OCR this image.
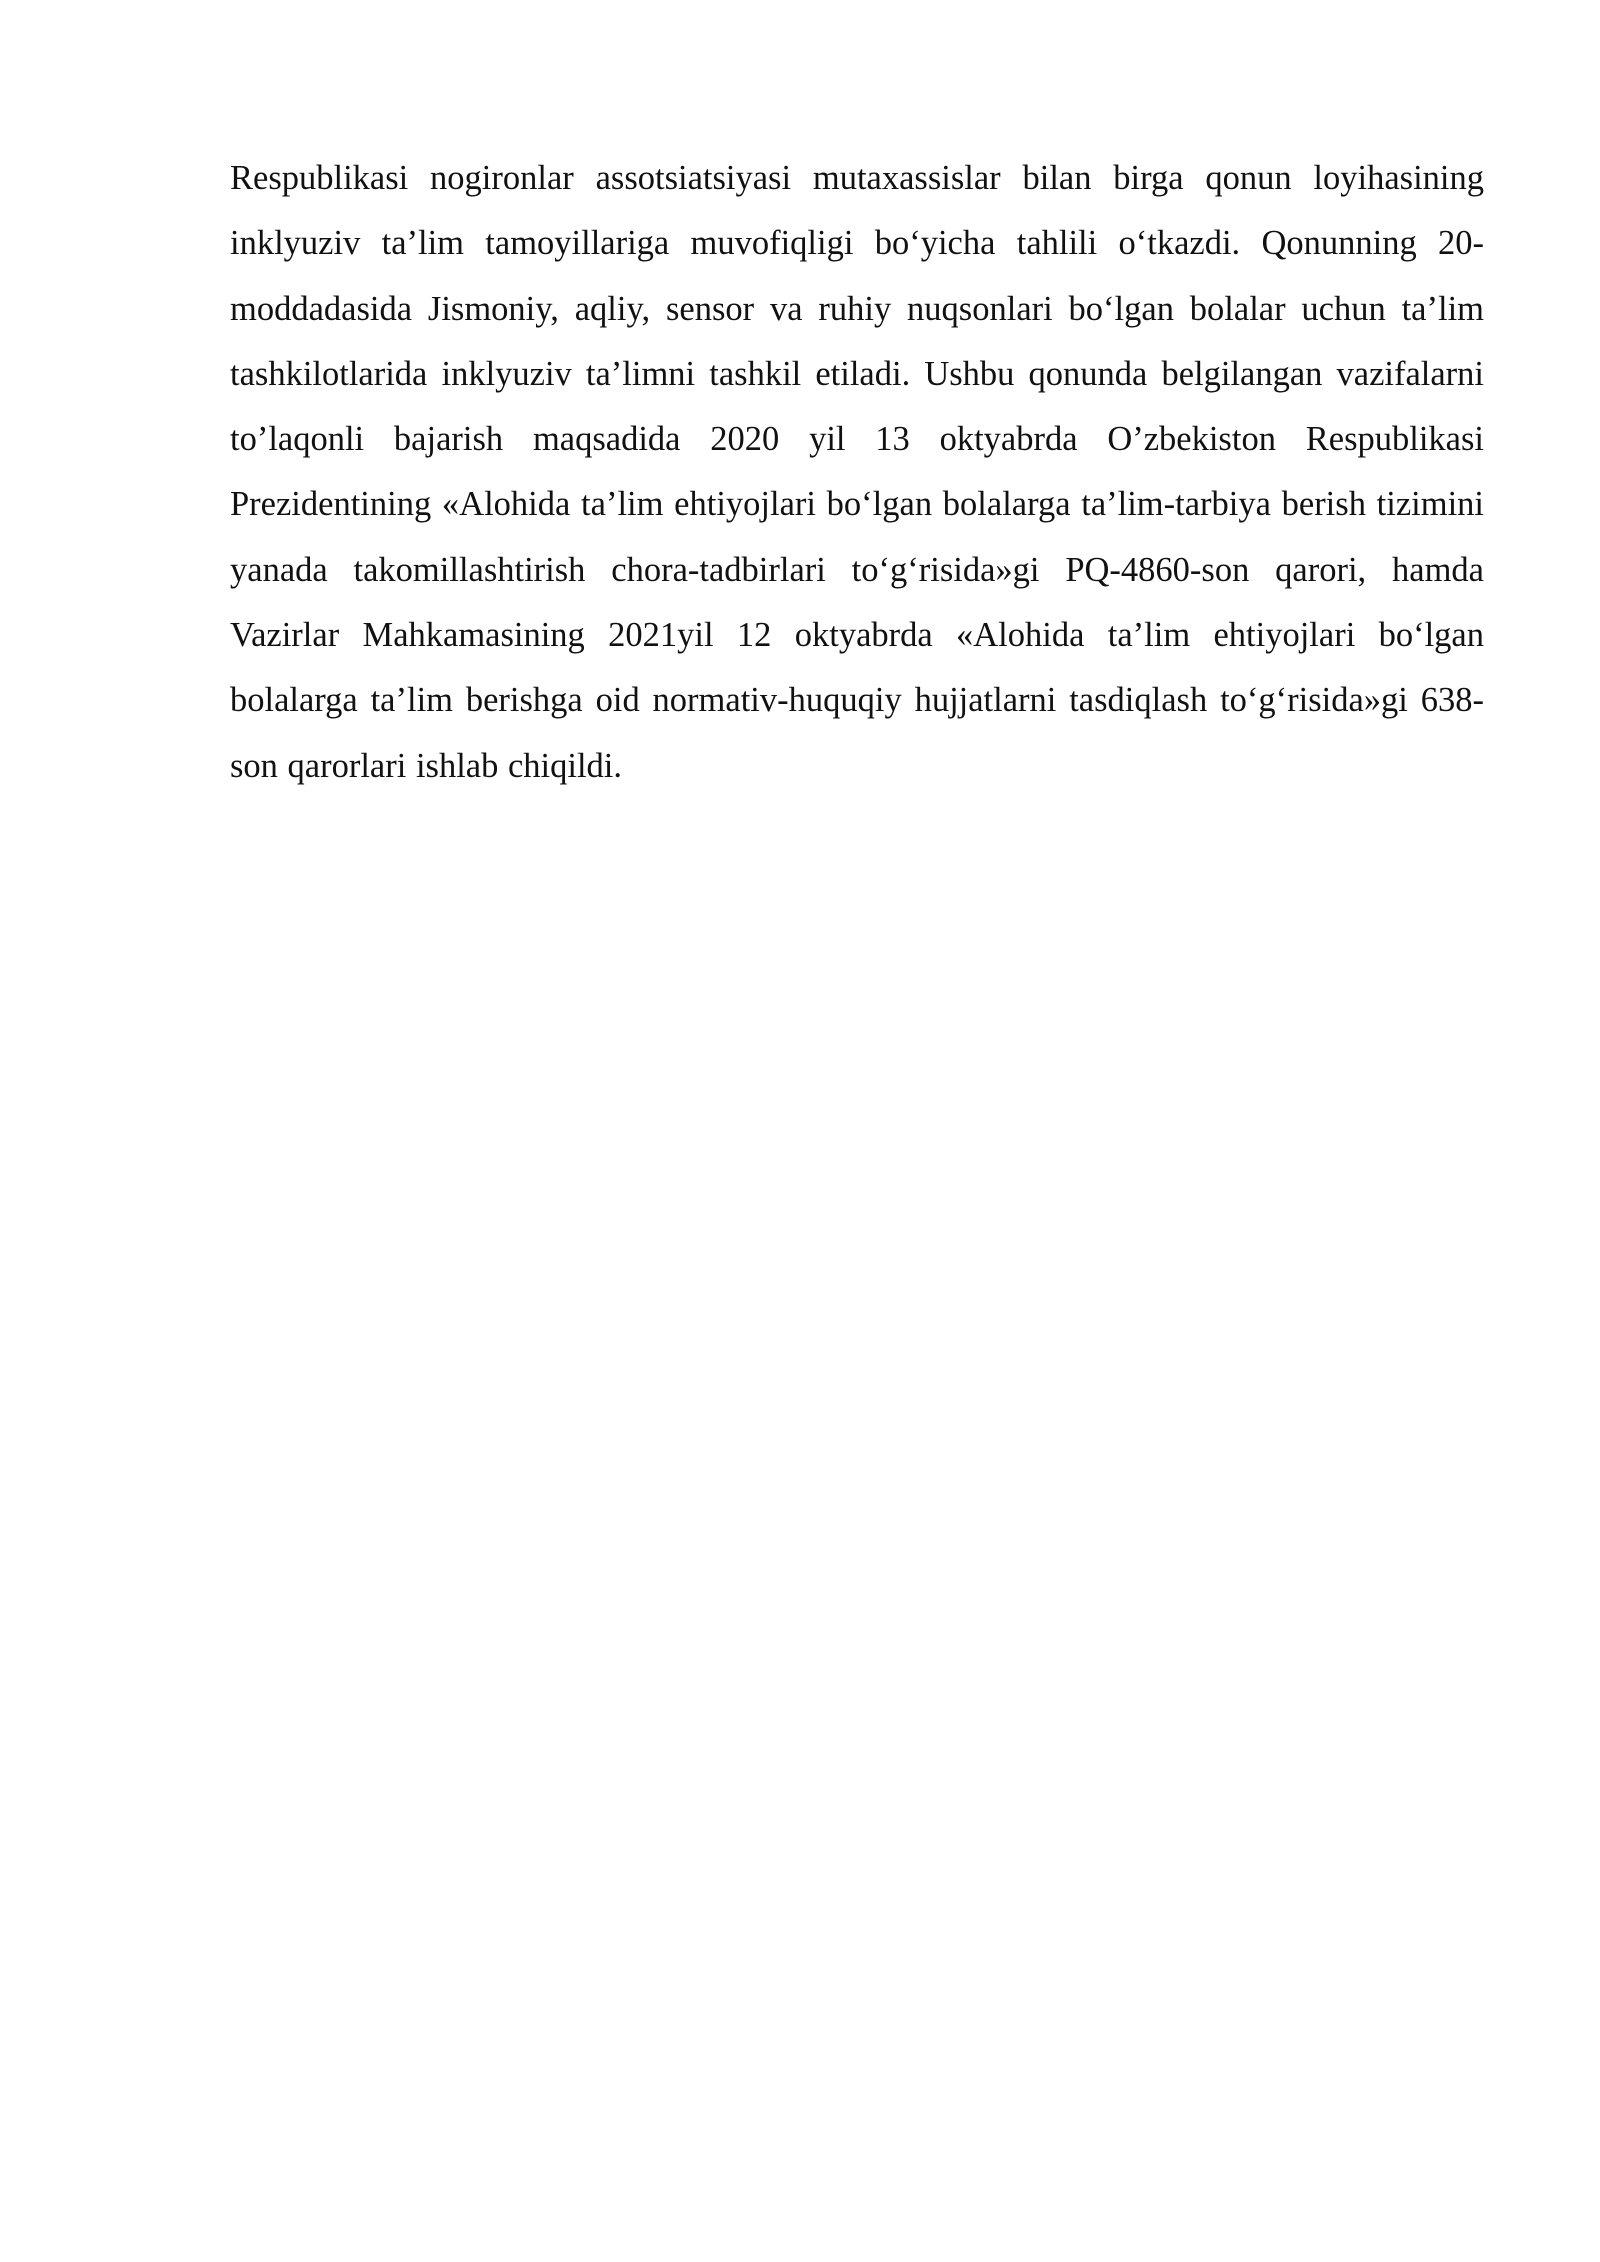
Respublikasi nogironlar assotsiatsiyasi mutaxassislar bilan birga qonun loyihasining inklyuziv ta’lim tamoyillariga muvofiqligi bo‘yicha tahlili o‘tkazdi. Qonunning 20- moddadasida Jismoniy, aqliy, sensor va ruhiy nuqsonlari bo‘lgan bolalar uchun ta’lim tashkilotlarida inklyuziv ta’limni tashkil etiladi. Ushbu qonunda belgilangan vazifalarni to’laqonli bajarish maqsadida 2020 yil 13 oktyabrda O’zbekiston Respublikasi Prezidentining «Alohida ta’lim ehtiyojlari bo‘lgan bolalarga ta’lim-tarbiya berish tizimini yanada takomillashtirish chora-tadbirlari to‘g‘risida»gi PQ-4860-son qarori, hamda Vazirlar Mahkamasining 2021yil 12 oktyabrda «Alohida ta’lim ehtiyojlari bo‘lgan bolalarga ta’lim berishga oid normativ-huquqiy hujjatlarni tasdiqlash to‘g‘risida»gi 638-son qarorlari ishlab chiqildi.
